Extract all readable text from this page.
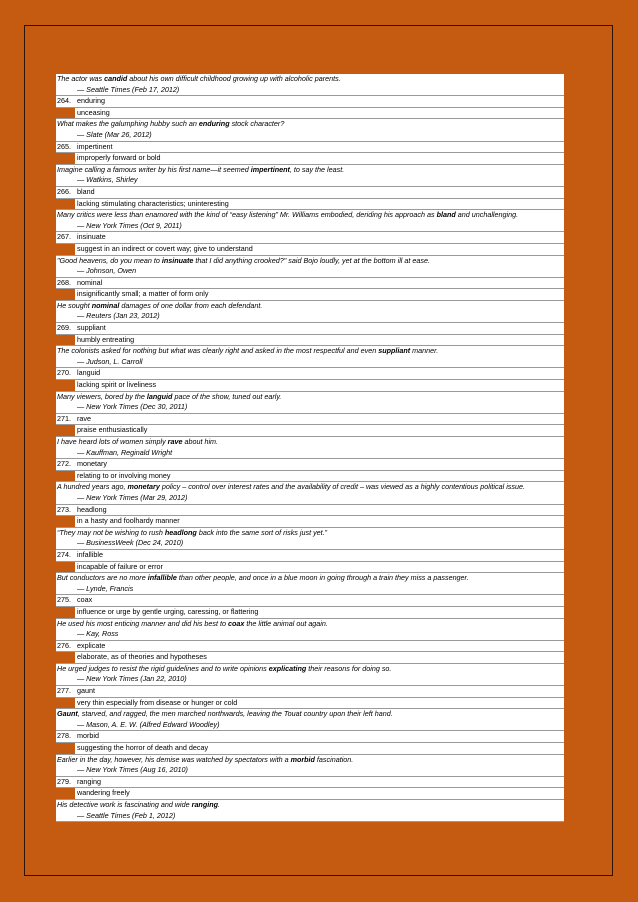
The actor was candid about his own difficult childhood growing up with alcoholic parents.
— Seattle Times (Feb 17, 2012)
264. enduring
unceasing
What makes the galumphing hubby such an enduring stock character?
— Slate (Mar 26, 2012)
265. impertinent
improperly forward or bold
Imagine calling a famous writer by his first name—it seemed impertinent, to say the least.
— Watkins, Shirley
266. bland
lacking stimulating characteristics; uninteresting
Many critics were less than enamored with the kind of “easy listening” Mr. Williams embodied, deriding his approach as bland and unchallenging.
— New York Times (Oct 9, 2011)
267. insinuate
suggest in an indirect or covert way; give to understand
"Good heavens, do you mean to insinuate that I did anything crooked?" said Bojo loudly, yet at the bottom ill at ease.
— Johnson, Owen
268. nominal
insignificantly small; a matter of form only
He sought nominal damages of one dollar from each defendant.
— Reuters (Jan 23, 2012)
269. suppliant
humbly entreating
The colonists asked for nothing but what was clearly right and asked in the most respectful and even suppliant manner.
— Judson, L. Carroll
270. languid
lacking spirit or liveliness
Many viewers, bored by the languid pace of the show, tuned out early.
— New York Times (Dec 30, 2011)
271. rave
praise enthusiastically
I have heard lots of women simply rave about him.
— Kauffman, Reginald Wright
272. monetary
relating to or involving money
A hundred years ago, monetary policy – control over interest rates and the availability of credit – was viewed as a highly contentious political issue.
— New York Times (Mar 29, 2012)
273. headlong
in a hasty and foolhardy manner
“They may not be wishing to rush headlong back into the same sort of risks just yet.”
— BusinessWeek (Dec 24, 2010)
274. infallible
incapable of failure or error
But conductors are no more infallible than other people, and once in a blue moon in going through a train they miss a passenger.
— Lynde, Francis
275. coax
influence or urge by gentle urging, caressing, or flattering
He used his most enticing manner and did his best to coax the little animal out again.
— Kay, Ross
276. explicate
elaborate, as of theories and hypotheses
He urged judges to resist the rigid guidelines and to write opinions explicating their reasons for doing so.
— New York Times (Jan 22, 2010)
277. gaunt
very thin especially from disease or hunger or cold
Gaunt, starved, and ragged, the men marched northwards, leaving the Touat country upon their left hand.
— Mason, A. E. W. (Alfred Edward Woodley)
278. morbid
suggesting the horror of death and decay
Earlier in the day, however, his demise was watched by spectators with a morbid fascination.
— New York Times (Aug 16, 2010)
279. ranging
wandering freely
His detective work is fascinating and wide ranging.
— Seattle Times (Feb 1, 2012)
